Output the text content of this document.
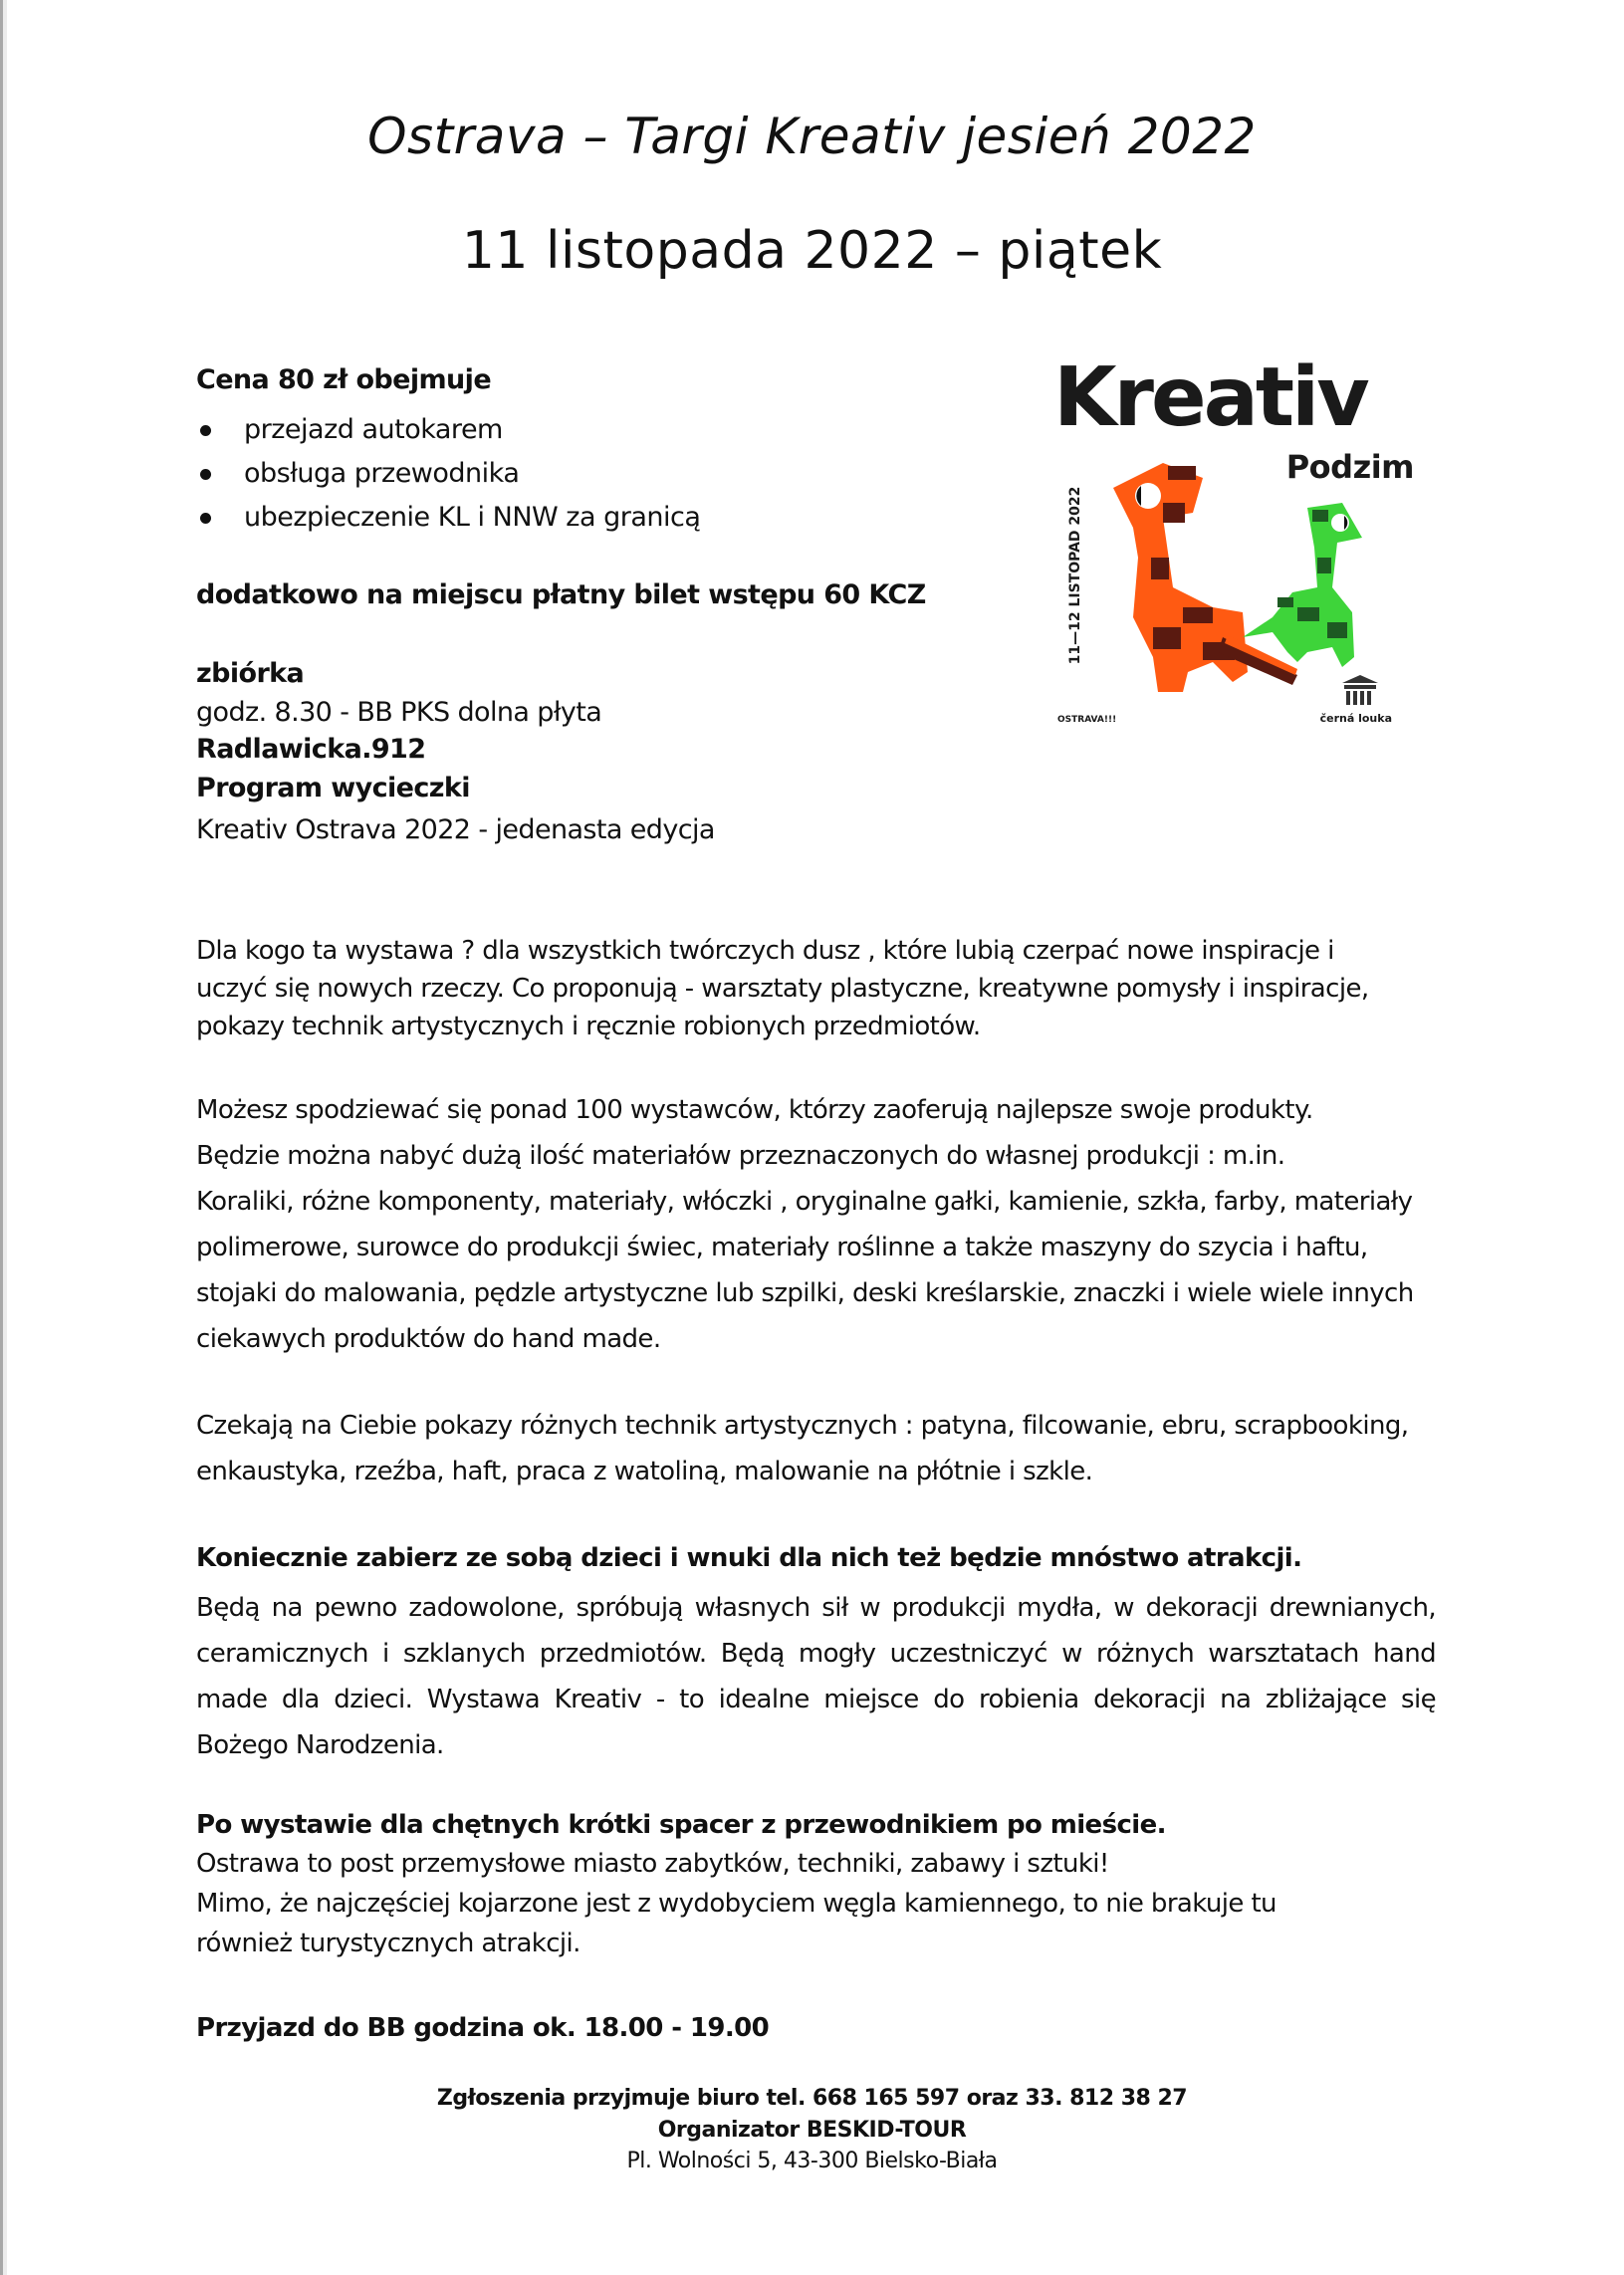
Ostrava – Targi Kreativ jesień 2022
11 listopada 2022 – piątek
Cena 80 zł obejmuje
przejazd autokarem
obsługa przewodnika
ubezpieczenie KL i NNW za granicą
dodatkowo na miejscu płatny bilet wstępu 60 KCZ
zbiórka
godz. 8.30 - BB PKS dolna płyta
Radlawicka.912
Program wycieczki
Kreativ Ostrava 2022 - jedenasta edycja
Kreativ
Podzim
11—12 LISTOPAD 2022
OSTRAVA!!!	černá louka
Dla kogo ta wystawa ? dla wszystkich twórczych dusz , które lubią czerpać nowe inspiracje i
uczyć się nowych rzeczy. Co proponują - warsztaty plastyczne, kreatywne pomysły i inspiracje,
pokazy technik artystycznych i ręcznie robionych przedmiotów.
Możesz spodziewać się ponad 100 wystawców, którzy zaoferują najlepsze swoje produkty.
Będzie można nabyć dużą ilość materiałów przeznaczonych do własnej produkcji : m.in.
Koraliki, różne komponenty, materiały, włóczki , oryginalne gałki, kamienie, szkła, farby, materiały
polimerowe, surowce do produkcji świec, materiały roślinne a także maszyny do szycia i haftu,
stojaki do malowania, pędzle artystyczne lub szpilki, deski kreślarskie, znaczki i wiele wiele innych
ciekawych produktów do hand made.
Czekają na Ciebie pokazy różnych technik artystycznych : patyna, filcowanie, ebru, scrapbooking,
enkaustyka, rzeźba, haft, praca z watoliną, malowanie na płótnie i szkle.
Koniecznie zabierz ze sobą dzieci i wnuki dla nich też będzie mnóstwo atrakcji.
Będą na pewno zadowolone, spróbują własnych sił w produkcji mydła, w dekoracji drewnianych,
ceramicznych i szklanych przedmiotów. Będą mogły uczestniczyć w różnych warsztatach hand
made dla dzieci. Wystawa Kreativ - to idealne miejsce do robienia dekoracji na zbliżające się
Bożego Narodzenia.
Po wystawie dla chętnych krótki spacer z przewodnikiem po mieście.
Ostrawa to post przemysłowe miasto zabytków, techniki, zabawy i sztuki!
Mimo, że najczęściej kojarzone jest z wydobyciem węgla kamiennego, to nie brakuje tu
również turystycznych atrakcji.
Przyjazd do BB godzina ok. 18.00 - 19.00
Zgłoszenia przyjmuje biuro tel. 668 165 597 oraz 33. 812 38 27
Organizator BESKID-TOUR
Pl. Wolności 5, 43-300 Bielsko-Biała
